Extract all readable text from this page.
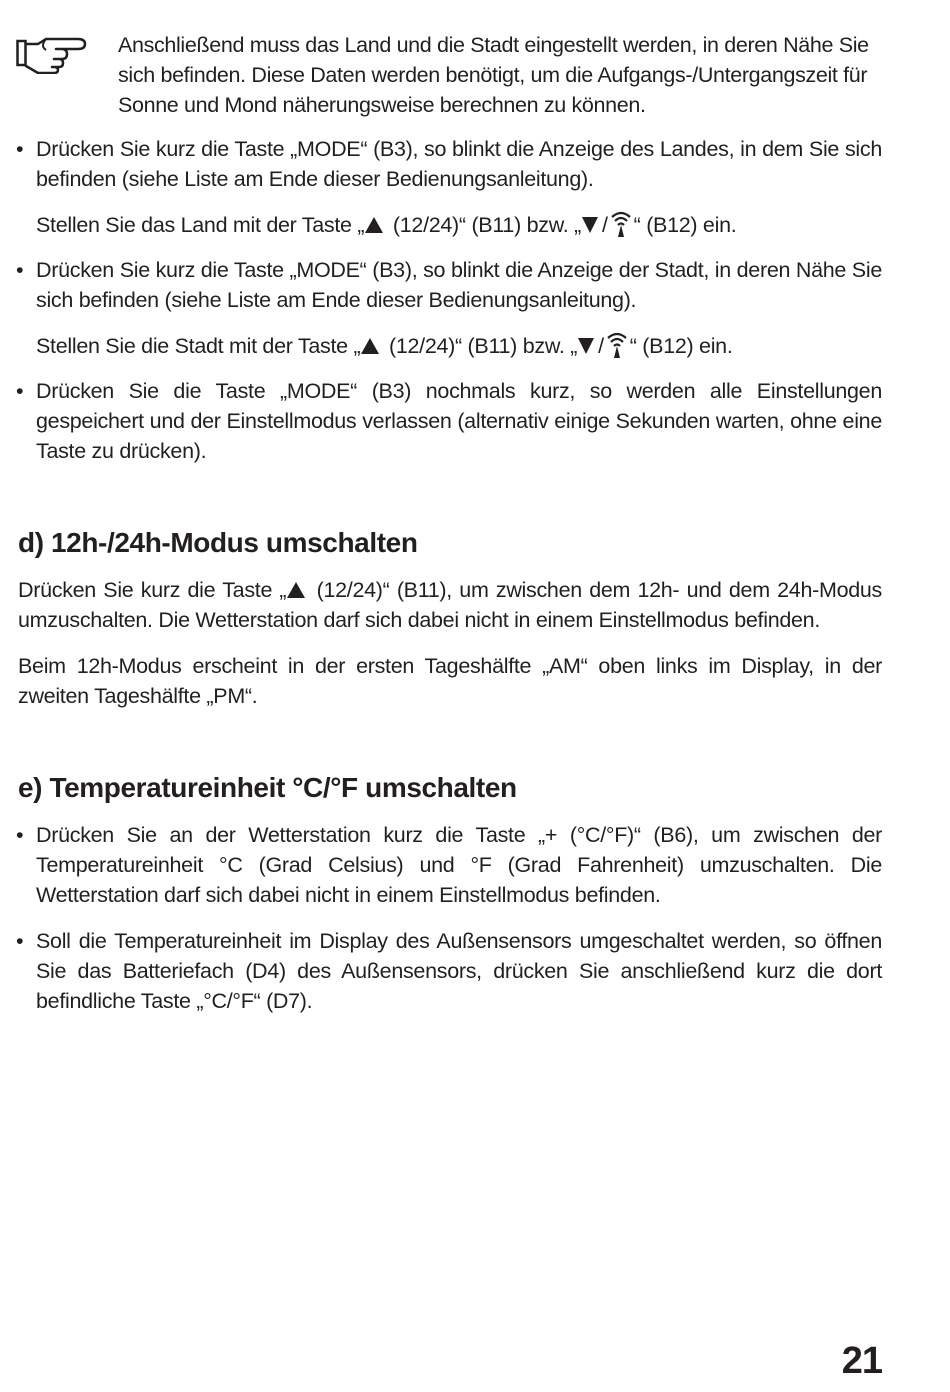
Anschließend muss das Land und die Stadt eingestellt werden, in deren Nähe Sie sich befinden. Diese Daten werden benötigt, um die Aufgangs-/Untergangszeit für Sonne und Mond näherungsweise berechnen zu können.
• Drücken Sie kurz die Taste „MODE“ (B3), so blinkt die Anzeige des Landes, in dem Sie sich befinden (siehe Liste am Ende dieser Bedienungsanleitung).
Stellen Sie das Land mit der Taste „ (12/24)“ (B11) bzw. „ / “ (B12) ein.
• Drücken Sie kurz die Taste „MODE“ (B3), so blinkt die Anzeige der Stadt, in deren Nähe Sie sich befinden (siehe Liste am Ende dieser Bedienungsanleitung).
Stellen Sie die Stadt mit der Taste „ (12/24)“ (B11) bzw. „ / “ (B12) ein.
• Drücken Sie die Taste „MODE“ (B3) nochmals kurz, so werden alle Einstellungen gespeichert und der Einstellmodus verlassen (alternativ einige Sekunden warten, ohne eine Taste zu drücken).
d) 12h-/24h-Modus umschalten
Drücken Sie kurz die Taste „ (12/24)“ (B11), um zwischen dem 12h- und dem 24h-Modus umzuschalten. Die Wetterstation darf sich dabei nicht in einem Einstellmodus befinden.
Beim 12h-Modus erscheint in der ersten Tageshälfte „AM“ oben links im Display, in der zweiten Tageshälfte „PM“.
e) Temperatureinheit °C/°F umschalten
• Drücken Sie an der Wetterstation kurz die Taste „+ (°C/°F)“ (B6), um zwischen der Temperatureinheit °C (Grad Celsius) und °F (Grad Fahrenheit) umzuschalten. Die Wetterstation darf sich dabei nicht in einem Einstellmodus befinden.
• Soll die Temperatureinheit im Display des Außensensors umgeschaltet werden, so öffnen Sie das Batteriefach (D4) des Außensensors, drücken Sie anschließend kurz die dort befindliche Taste „°C/°F“ (D7).
21
